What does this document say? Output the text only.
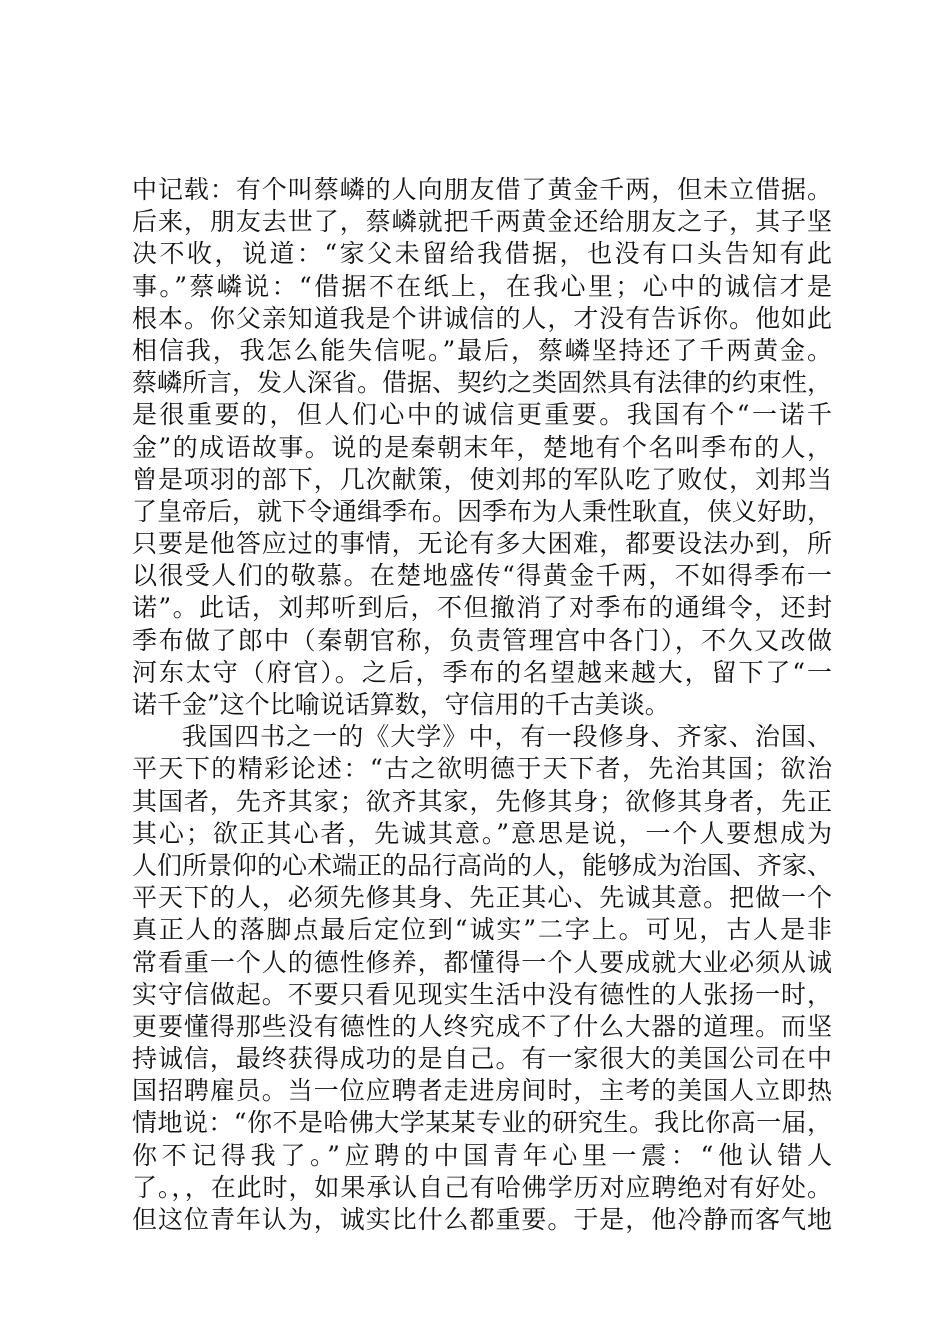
中记载：有个叫蔡嶙的人向朋友借了黄金千两，但未立借据。
后来，朋友去世了，蔡嶙就把千两黄金还给朋友之子，其子坚
决不收，说道：“家父未留给我借据，也没有口头告知有此
事。”蔡嶙说：“借据不在纸上，在我心里；心中的诚信才是
根本。你父亲知道我是个讲诚信的人，才没有告诉你。他如此
相信我，我怎么能失信呢。”最后，蔡嶙坚持还了千两黄金。
蔡嶙所言，发人深省。借据、契约之类固然具有法律的约束性，
是很重要的，但人们心中的诚信更重要。我国有个“一诺千
金”的成语故事。说的是秦朝末年，楚地有个名叫季布的人，
曾是项羽的部下，几次献策，使刘邦的军队吃了败仗，刘邦当
了皇帝后，就下令通缉季布。因季布为人秉性耿直，侠义好助，
只要是他答应过的事情，无论有多大困难，都要设法办到，所
以很受人们的敬慕。在楚地盛传“得黄金千两，不如得季布一
诺”。此话，刘邦听到后，不但撤消了对季布的通缉令，还封
季布做了郎中（秦朝官称，负责管理宫中各门），不久又改做
河东太守（府官）。之后，季布的名望越来越大，留下了“一
诺千金”这个比喻说话算数，守信用的千古美谈。
我国四书之一的《大学》中，有一段修身、齐家、治国、
平天下的精彩论述：“古之欲明德于天下者，先治其国；欲治
其国者，先齐其家；欲齐其家，先修其身；欲修其身者，先正
其心；欲正其心者，先诚其意。”意思是说，一个人要想成为
人们所景仰的心术端正的品行高尚的人，能够成为治国、齐家、
平天下的人，必须先修其身、先正其心、先诚其意。把做一个
真正人的落脚点最后定位到“诚实”二字上。可见，古人是非
常看重一个人的德性修养，都懂得一个人要成就大业必须从诚
实守信做起。不要只看见现实生活中没有德性的人张扬一时，
更要懂得那些没有德性的人终究成不了什么大器的道理。而坚
持诚信，最终获得成功的是自己。有一家很大的美国公司在中
国招聘雇员。当一位应聘者走进房间时，主考的美国人立即热
情地说：“你不是哈佛大学某某专业的研究生。我比你高一届，
你不记得我了。”应聘的中国青年心里一震：“他认错人
了。，，在此时，如果承认自己有哈佛学历对应聘绝对有好处。
但这位青年认为，诚实比什么都重要。于是，他冷静而客气地
